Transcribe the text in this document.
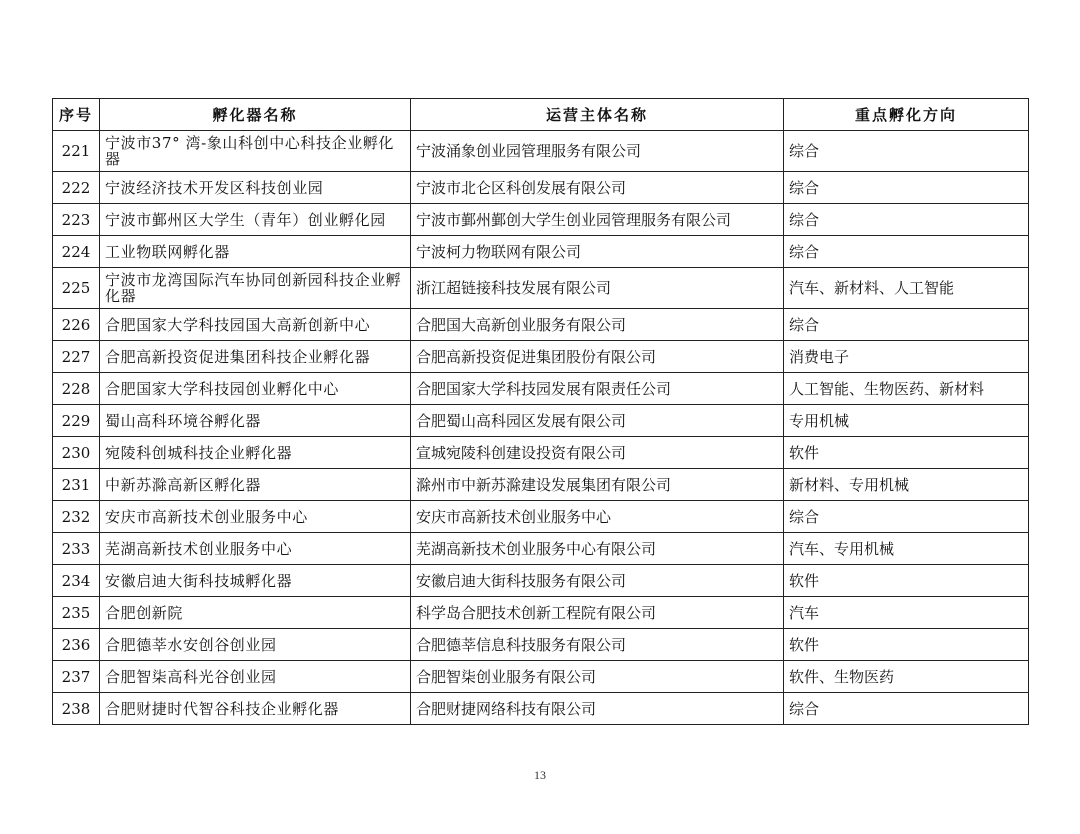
序号	孵化器名称	运营主体名称	重点孵化方向
221	宁波市37° 湾-象山科创中心科技企业孵化器	宁波涌象创业园管理服务有限公司	综合
222	宁波经济技术开发区科技创业园	宁波市北仑区科创发展有限公司	综合
223	宁波市鄞州区大学生（青年）创业孵化园	宁波市鄞州鄞创大学生创业园管理服务有限公司	综合
224	工业物联网孵化器	宁波柯力物联网有限公司	综合
225	宁波市龙湾国际汽车协同创新园科技企业孵化器	浙江超链接科技发展有限公司	汽车、新材料、人工智能
226	合肥国家大学科技园国大高新创新中心	合肥国大高新创业服务有限公司	综合
227	合肥高新投资促进集团科技企业孵化器	合肥高新投资促进集团股份有限公司	消费电子
228	合肥国家大学科技园创业孵化中心	合肥国家大学科技园发展有限责任公司	人工智能、生物医药、新材料
229	蜀山高科环境谷孵化器	合肥蜀山高科园区发展有限公司	专用机械
230	宛陵科创城科技企业孵化器	宣城宛陵科创建设投资有限公司	软件
231	中新苏滁高新区孵化器	滁州市中新苏滁建设发展集团有限公司	新材料、专用机械
232	安庆市高新技术创业服务中心	安庆市高新技术创业服务中心	综合
233	芜湖高新技术创业服务中心	芜湖高新技术创业服务中心有限公司	汽车、专用机械
234	安徽启迪大街科技城孵化器	安徽启迪大街科技服务有限公司	软件
235	合肥创新院	科学岛合肥技术创新工程院有限公司	汽车
236	合肥德莘水安创谷创业园	合肥德莘信息科技服务有限公司	软件
237	合肥智柒高科光谷创业园	合肥智柒创业服务有限公司	软件、生物医药
238	合肥财捷时代智谷科技企业孵化器	合肥财捷网络科技有限公司	综合
13
